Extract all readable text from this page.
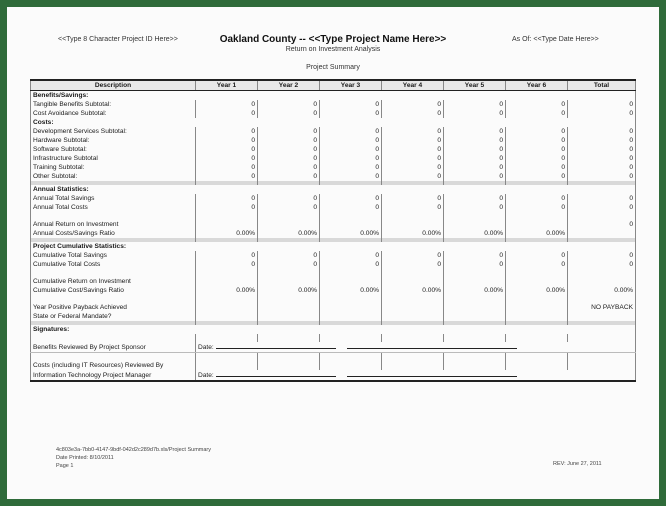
<<Type 8 Character Project ID Here>>	Oakland County -- <<Type Project Name Here>>	As Of: <<Type Date Here>>
Return on Investment Analysis
Project Summary
Description	Year 1	Year 2	Year 3	Year 4	Year 5	Year 6	Total
Benefits/Savings:							
Tangible Benefits Subtotal:	0	0	0	0	0	0	0
Cost Avoidance Subtotal:	0	0	0	0	0	0	0
Costs:							
Development Services Subtotal:	0	0	0	0	0	0	0
Hardware Subtotal:	0	0	0	0	0	0	0
Software Subtotal:	0	0	0	0	0	0	0
Infrastructure Subtotal	0	0	0	0	0	0	0
Training Subtotal:	0	0	0	0	0	0	0
Other Subtotal:	0	0	0	0	0	0	0

Annual Statistics:							
Annual Total Savings	0	0	0	0	0	0	0
Annual Total Costs	0	0	0	0	0	0	0

Annual Return on Investment							0
Annual Costs/Savings Ratio	0.00%	0.00%	0.00%	0.00%	0.00%	0.00%	

Project Cumulative Statistics:							
Cumulative Total Savings	0	0	0	0	0	0	0
Cumulative Total Costs	0	0	0	0	0	0	0

Cumulative Return on Investment							
Cumulative Cost/Savings Ratio	0.00%	0.00%	0.00%	0.00%	0.00%	0.00%	0.00%

Year Positive Payback Achieved							NO PAYBACK
State or Federal Mandate?							

Signatures:							

Benefits Reviewed By Project Sponsor	Date:						

Costs (including IT Resources) Reviewed By							
Information Technology Project Manager	Date:						
4c803e3a-7bb0-4147-9bdf-042d2c289d7b.xls/Project Summary
Date Printed: 8/10/2011
Page 1	REV: June 27, 2011
